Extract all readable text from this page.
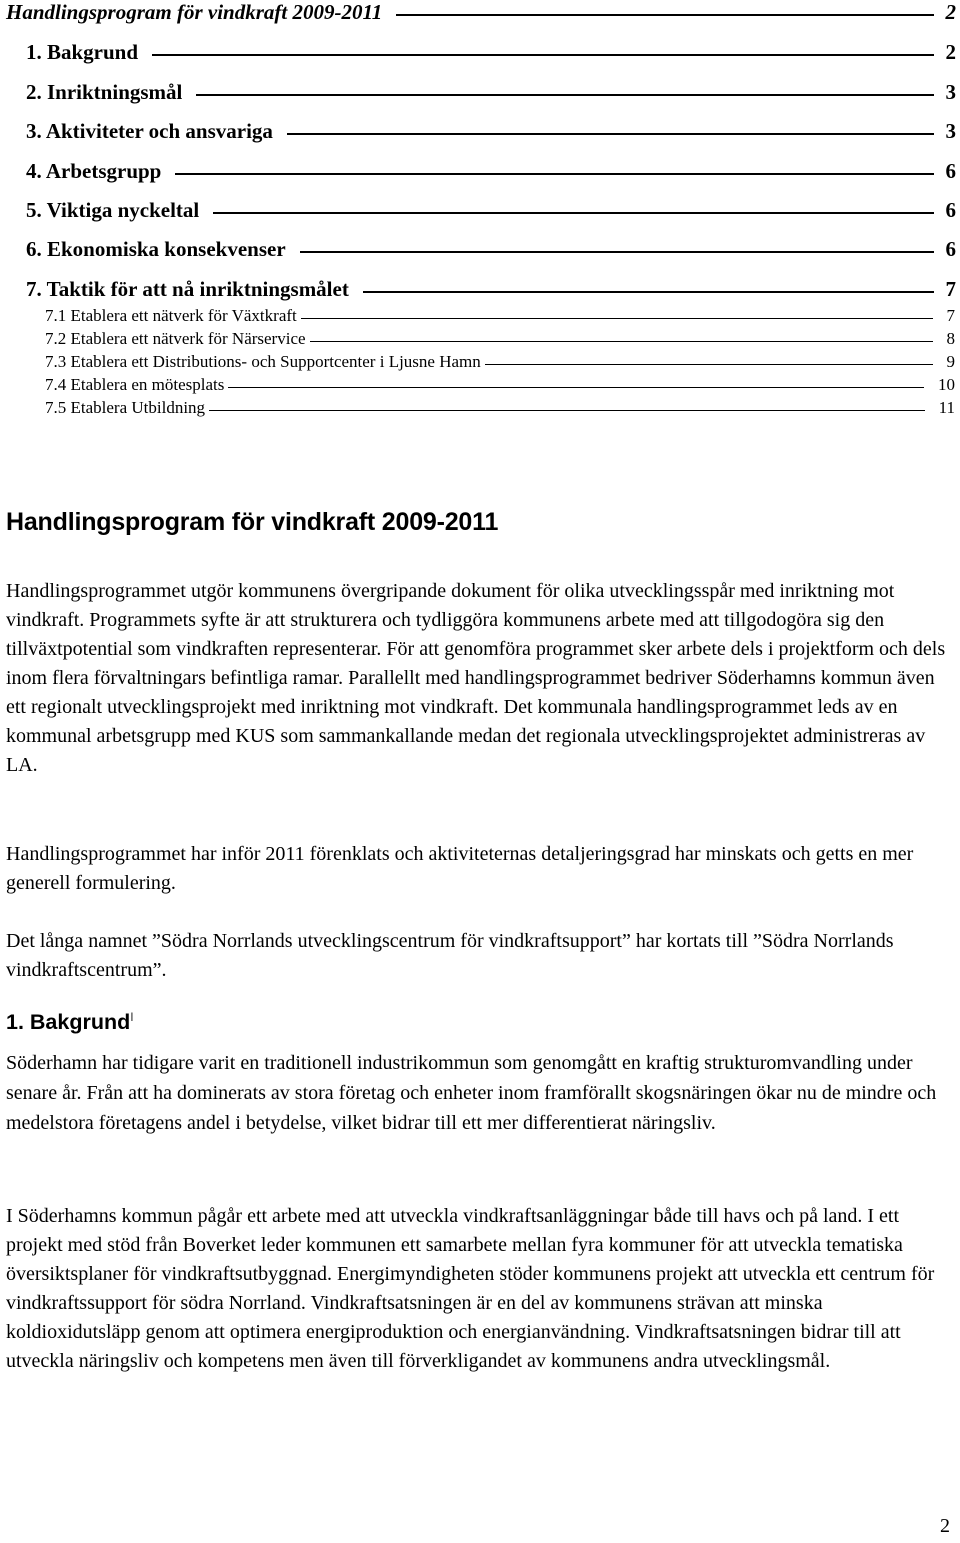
Handlingsprogram för vindkraft 2009-2011	2
1. Bakgrund	2
2. Inriktningsmål	3
3. Aktiviteter och ansvariga	3
4. Arbetsgrupp	6
5. Viktiga nyckeltal	6
6. Ekonomiska konsekvenser	6
7. Taktik för att nå inriktningsmålet	7
7.1 Etablera ett nätverk för Växtkraft	7
7.2 Etablera ett nätverk för Närservice	8
7.3 Etablera ett Distributions- och Supportcenter i Ljusne Hamn	9
7.4 Etablera en mötesplats	10
7.5 Etablera Utbildning	11
Handlingsprogram för vindkraft 2009-2011

Handlingsprogrammet utgör kommunens övergripande dokument för olika utvecklingsspår med inriktning mot vindkraft. Programmets syfte är att strukturera och tydliggöra kommunens arbete med att tillgodogöra sig den tillväxtpotential som vindkraften representerar. För att genomföra programmet sker arbete dels i projektform och dels inom flera förvaltningars befintliga ramar. Parallellt med handlingsprogrammet bedriver Söderhamns kommun även ett regionalt utvecklingsprojekt med inriktning mot vindkraft. Det kommunala handlingsprogrammet leds av en kommunal arbetsgrupp med KUS som sammankallande medan det regionala utvecklingsprojektet administreras av LA.

Handlingsprogrammet har inför 2011 förenklats och aktiviteternas detaljeringsgrad har minskats och getts en mer generell formulering.

Det långa namnet ”Södra Norrlands utvecklingscentrum för vindkraftsupport” har kortats till ”Södra Norrlands vindkraftscentrum”.

1. Bakgrund$^I$

Söderhamn har tidigare varit en traditionell industrikommun som genomgått en kraftig strukturomvandling under senare år. Från att ha dominerats av stora företag och enheter inom framförallt skogsnäringen ökar nu de mindre och medelstora företagens andel i betydelse, vilket bidrar till ett mer differentierat näringsliv.

I Söderhamns kommun pågår ett arbete med att utveckla vindkraftsanläggningar både till havs och på land. I ett projekt med stöd från Boverket leder kommunen ett samarbete mellan fyra kommuner för att utveckla tematiska översiktsplaner för vindkraftsutbyggnad. Energimyndigheten stöder kommunens projekt att utveckla ett centrum för vindkraftssupport för södra Norrland. Vindkraftsatsningen är en del av kommunens strävan att minska koldioxidutsläpp genom att optimera energiproduktion och energianvändning. Vindkraftsatsningen bidrar till att utveckla näringsliv och kompetens men även till förverkligandet av kommunens andra utvecklingsmål.

2
